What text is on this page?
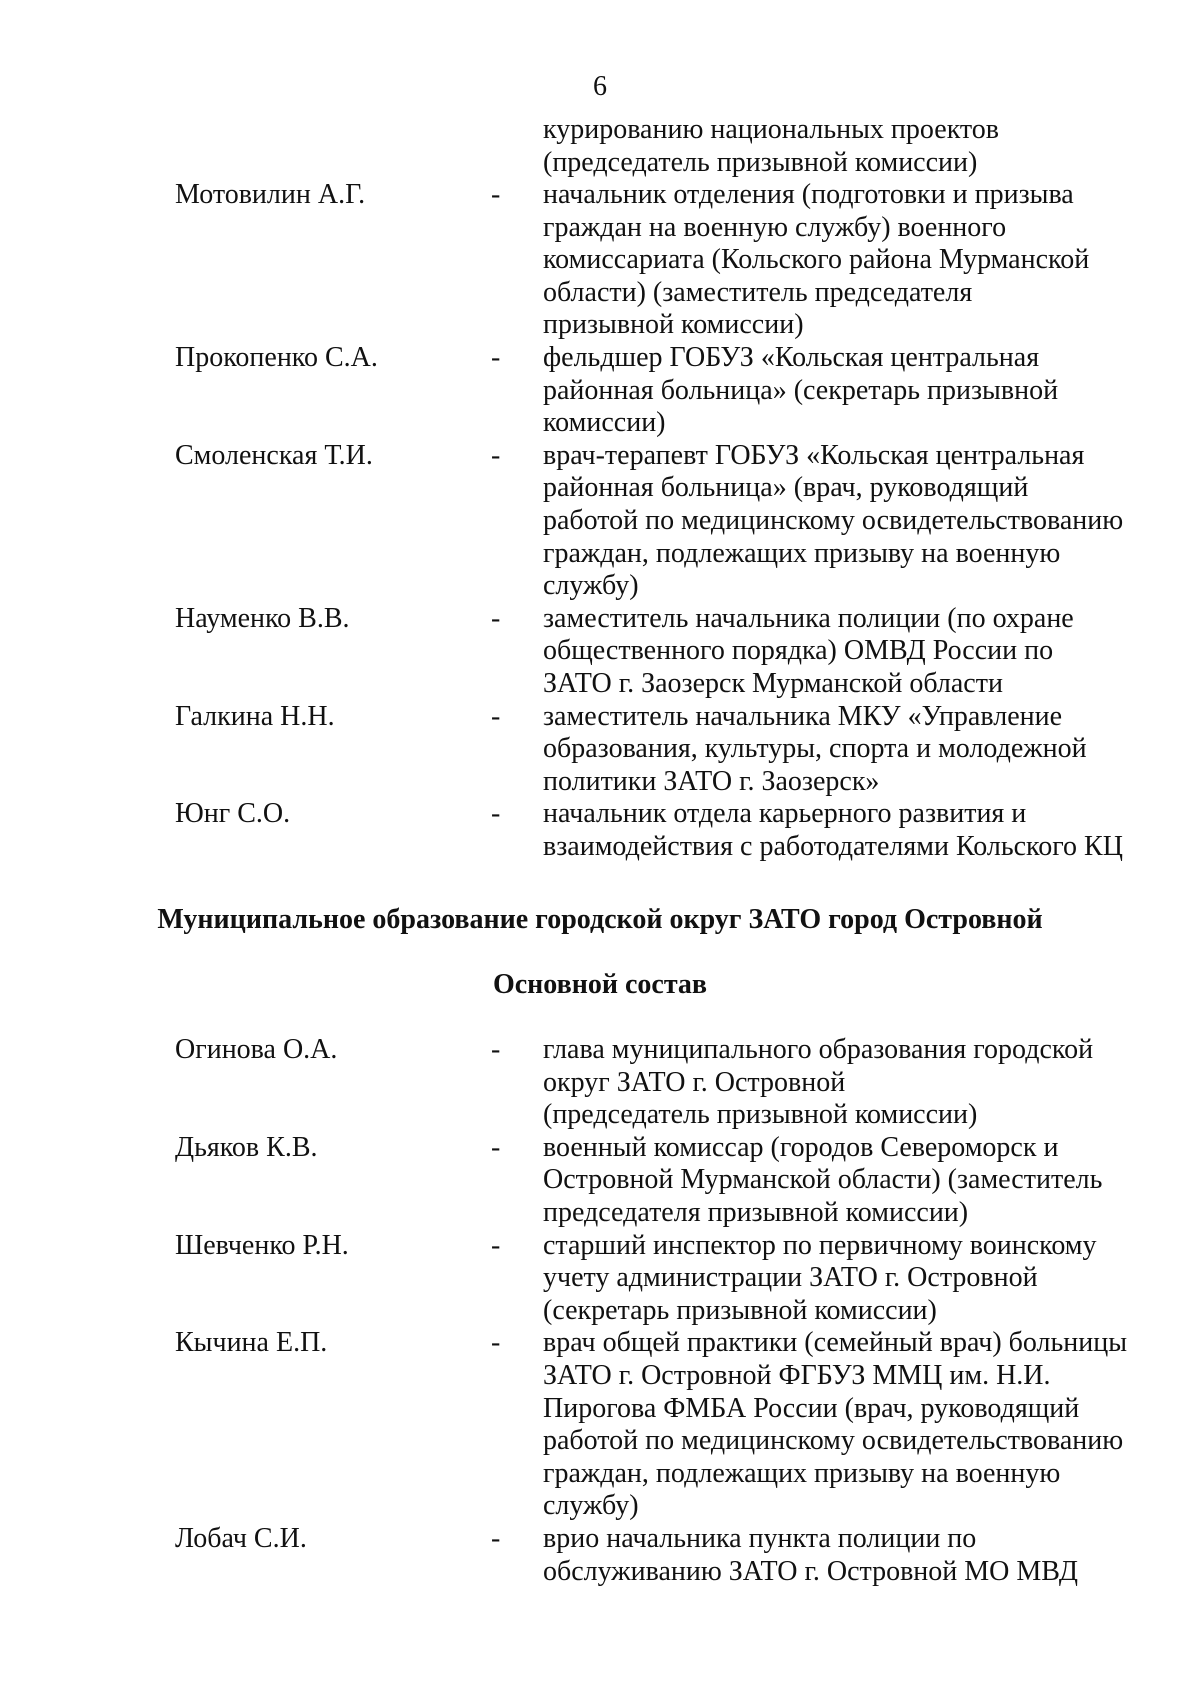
6
курированию национальных проектов
(председатель призывной комиссии)
Мотовилин А.Г.	- начальник отделения (подготовки и призыва
граждан на военную службу) военного
комиссариата (Кольского района Мурманской
области) (заместитель председателя
призывной комиссии)
Прокопенко С.А.	- фельдшер ГОБУЗ «Кольская центральная
районная больница» (секретарь призывной
комиссии)
Смоленская Т.И.	- врач-терапевт ГОБУЗ «Кольская центральная
районная больница» (врач, руководящий
работой по медицинскому освидетельствованию
граждан, подлежащих призыву на военную
службу)
Науменко В.В.	- заместитель начальника полиции (по охране
общественного порядка) ОМВД России по
ЗАТО г. Заозерск Мурманской области
Галкина Н.Н.	- заместитель начальника МКУ «Управление
образования, культуры, спорта и молодежной
политики ЗАТО г. Заозерск»
Юнг С.О.	- начальник отдела карьерного развития и
взаимодействия с работодателями Кольского КЦ
Муниципальное образование городской округ ЗАТО город Островной
Основной состав
Огинова О.А.	- глава муниципального образования городской
округ ЗАТО г. Островной
(председатель призывной комиссии)
Дьяков К.В.	- военный комиссар (городов Североморск и
Островной Мурманской области) (заместитель
председателя призывной комиссии)
Шевченко Р.Н.	- старший инспектор по первичному воинскому
учету администрации ЗАТО г. Островной
(секретарь призывной комиссии)
Кычина Е.П.	- врач общей практики (семейный врач) больницы
ЗАТО г. Островной ФГБУЗ ММЦ им. Н.И.
Пирогова ФМБА России (врач, руководящий
работой по медицинскому освидетельствованию
граждан, подлежащих призыву на военную
службу)
Лобач С.И.	- врио начальника пункта полиции по
обслуживанию ЗАТО г. Островной МО МВД
